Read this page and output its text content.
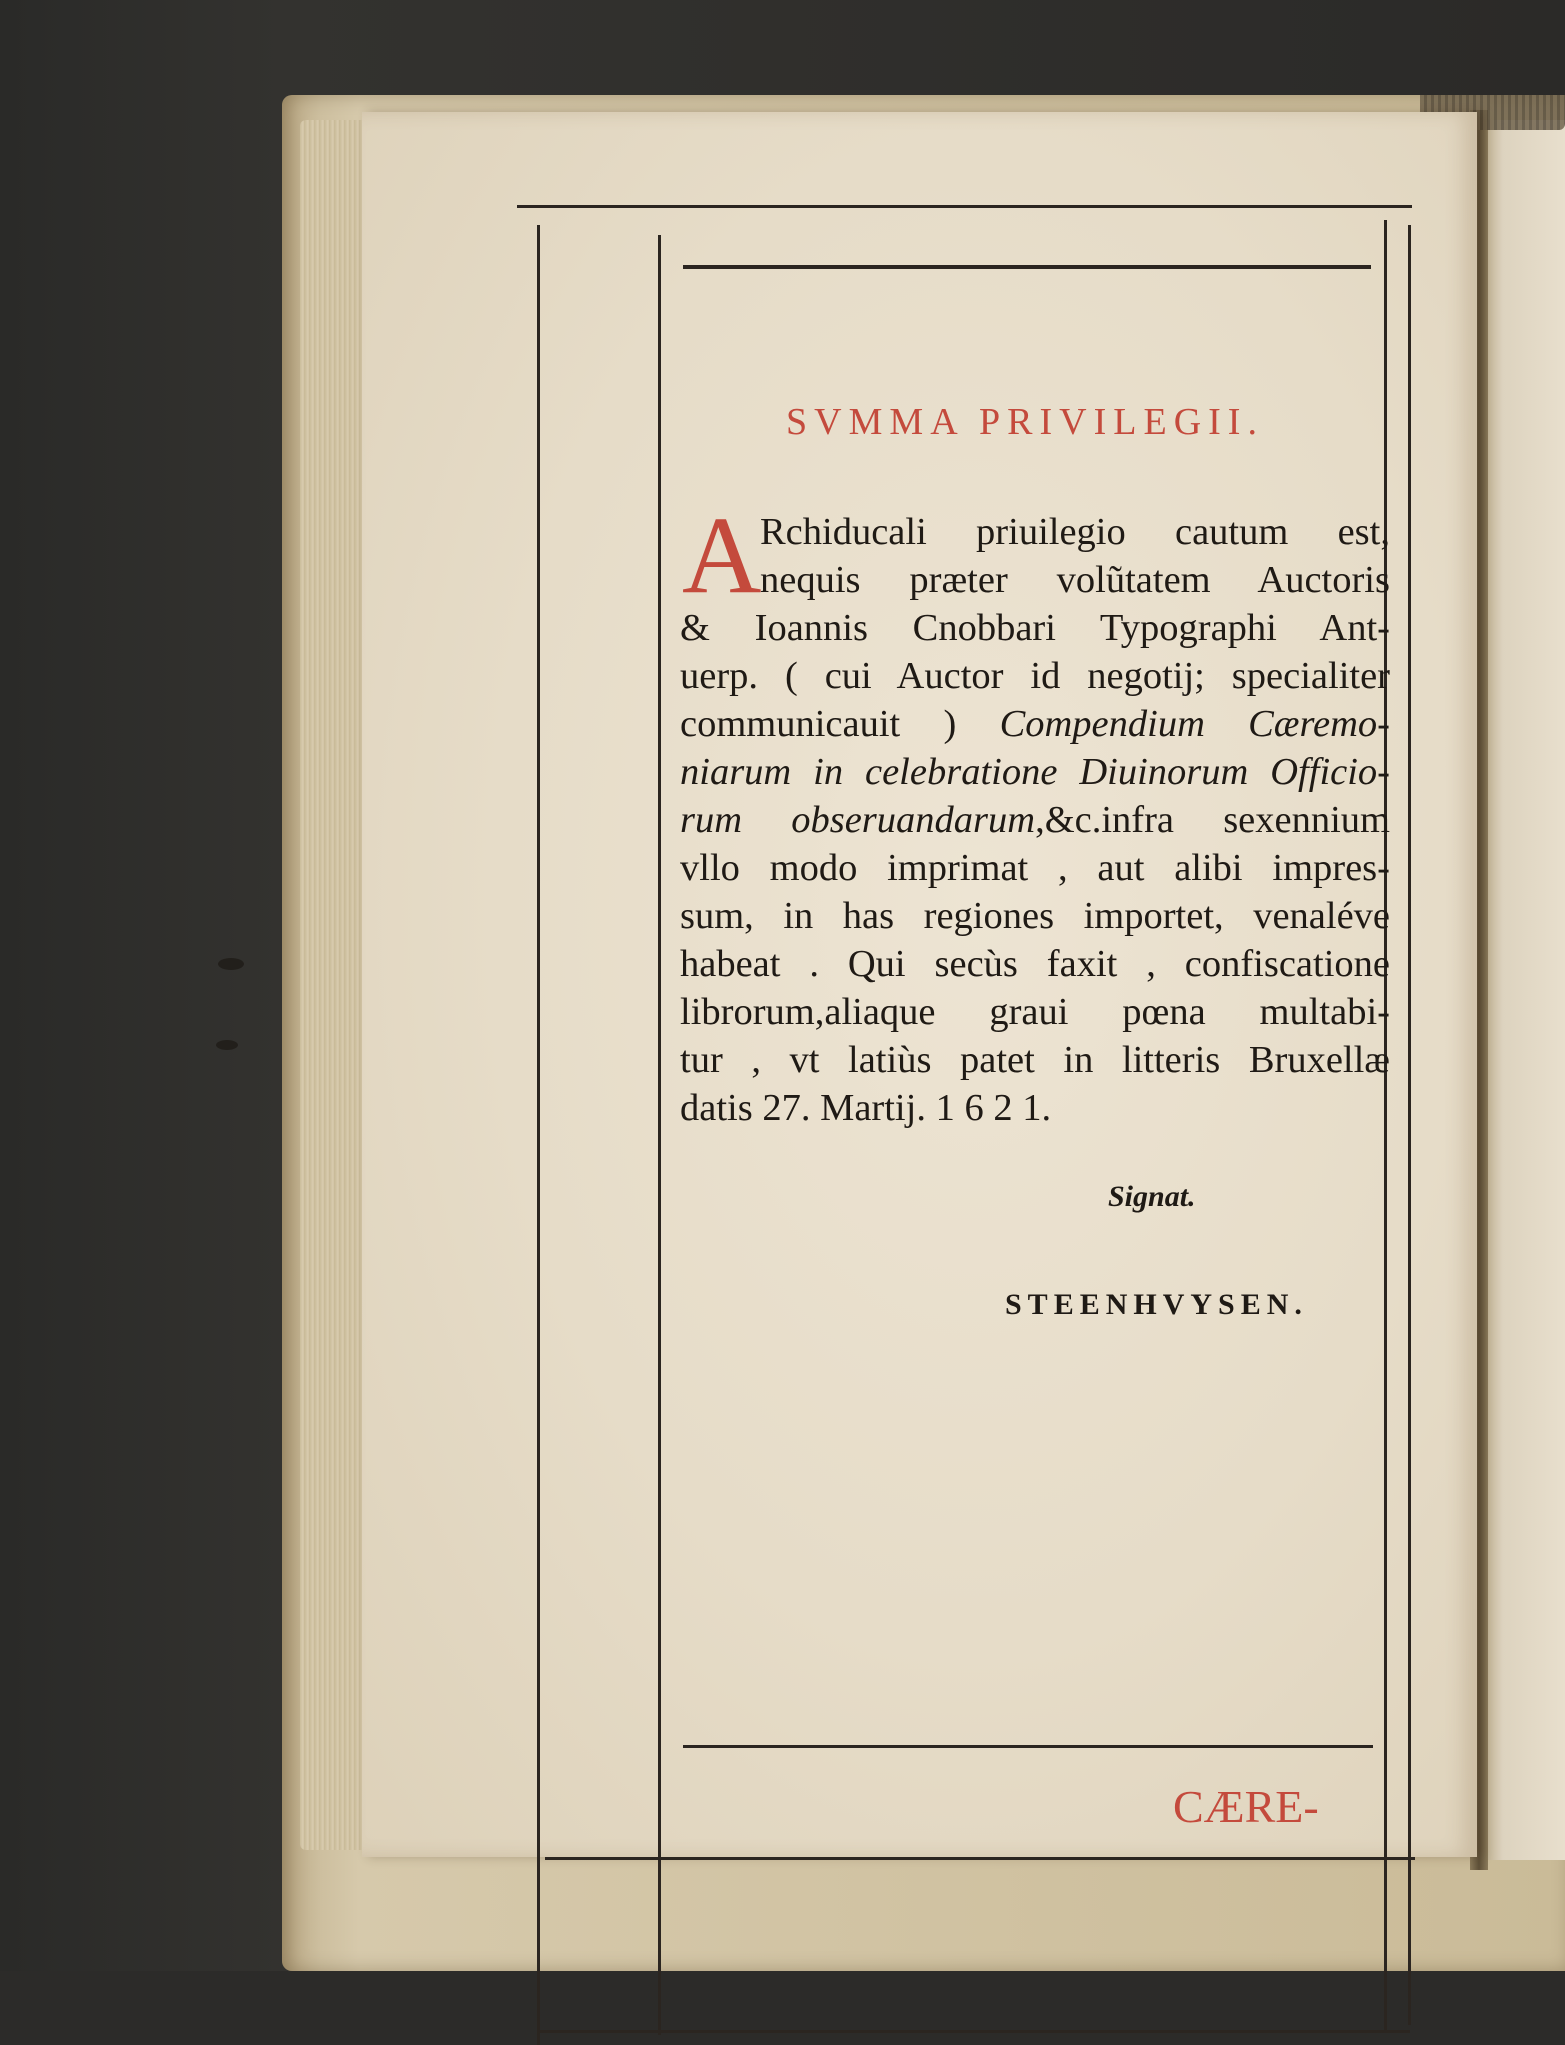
SVMMA PRIVILEGII.
A
Rchiducali priuilegio cautum est,
nequis præter volũtatem Auctoris
& Ioannis Cnobbari Typographi Ant-
uerp. ( cui Auctor id negotij; specialiter
communicauit ) Compendium Cæremo-
niarum in celebratione Diuinorum Officio-
rum obseruandarum,&c.infra sexennium
vllo modo imprimat , aut alibi impres-
sum, in has regiones importet, venaléve
habeat . Qui secùs faxit , confiscatione
librorum,aliaque graui pœna multabi-
tur , vt latiùs patet in litteris Bruxellæ
datis 27. Martij. 1 6 2 1.
Signat.
STEENHVYSEN.
CÆRE-
